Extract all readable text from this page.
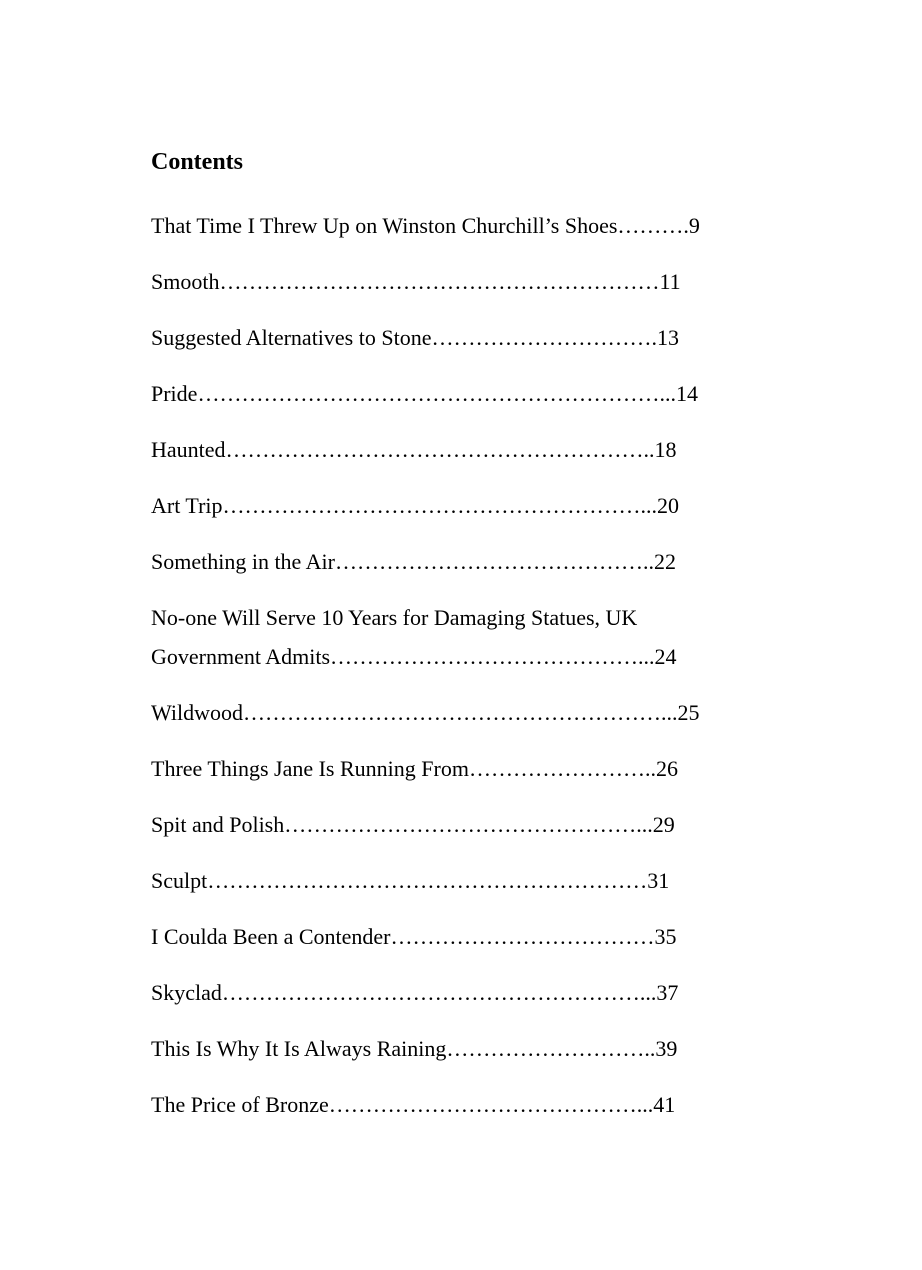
Contents
That Time I Threw Up on Winston Churchill’s Shoes……….9
Smooth……………………………………………………11
Suggested Alternatives to Stone………………………….13
Pride………………………………………………………...14
Haunted…………………………………………………..18
Art Trip…………………………………………………...20
Something in the Air……………………………………..22
No-one Will Serve 10 Years for Damaging Statues, UK
Government Admits……………………………………...24
Wildwood…………………………………………………...25
Three Things Jane Is Running From……………………..26
Spit and Polish…………………………………………...29
Sculpt……………………………………………………31
I Coulda Been a Contender………………………………35
Skyclad…………………………………………………...37
This Is Why It Is Always Raining………………………..39
The Price of Bronze……………………………………...41
